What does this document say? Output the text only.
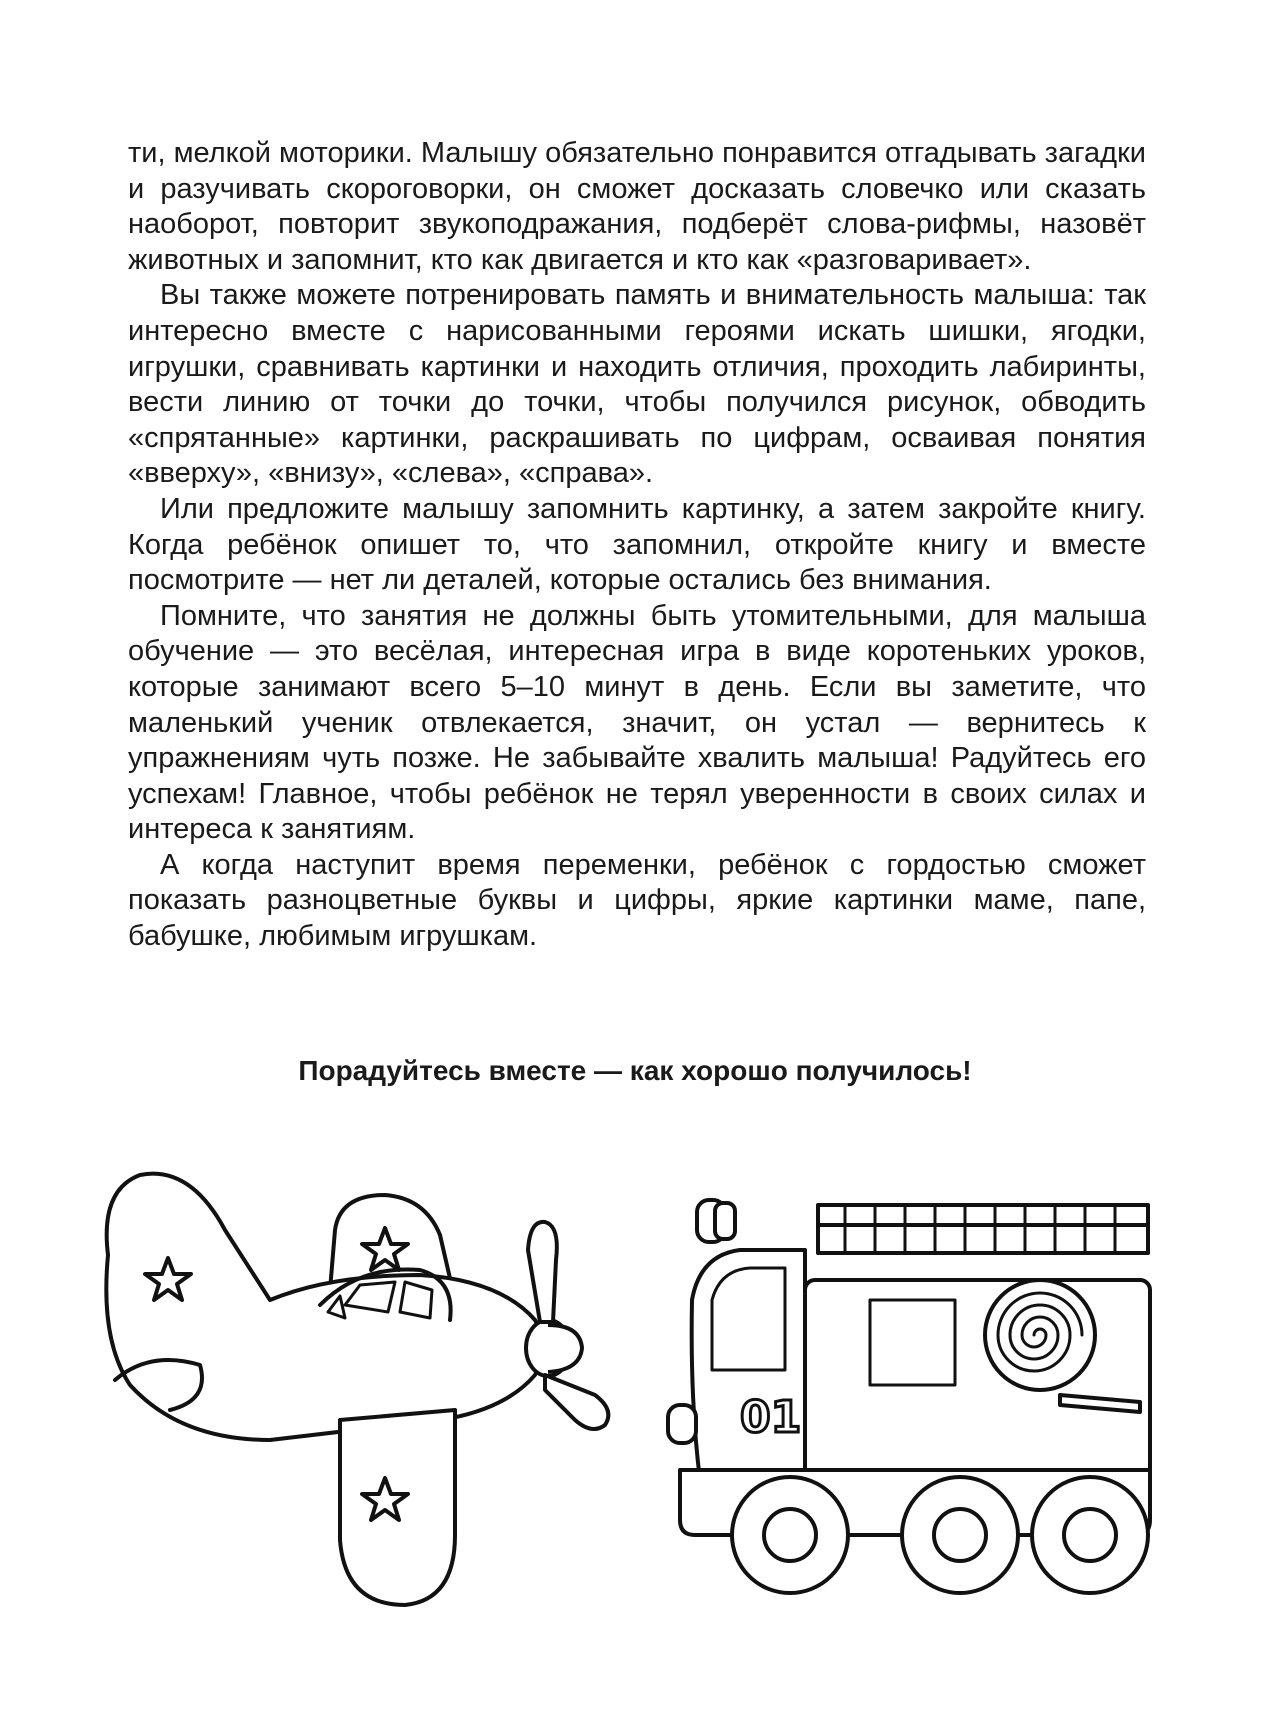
ти, мелкой моторики. Малышу обязательно понравится отгадывать загадки и разучивать скороговорки, он сможет досказать словечко или сказать наоборот, повторит звукоподражания, подберёт слова-рифмы, назовёт животных и запомнит, кто как двигается и кто как «разговаривает».

Вы также можете потренировать память и внимательность малыша: так интересно вместе с нарисованными героями искать шишки, ягодки, игрушки, сравнивать картинки и находить отличия, проходить лабиринты, вести линию от точки до точки, чтобы получился рисунок, обводить «спрятанные» картинки, раскрашивать по цифрам, осваивая понятия «вверху», «внизу», «слева», «справа».

Или предложите малышу запомнить картинку, а затем закройте книгу. Когда ребёнок опишет то, что запомнил, откройте книгу и вместе посмотрите — нет ли деталей, которые остались без внимания.

Помните, что занятия не должны быть утомительными, для малыша обучение — это весёлая, интересная игра в виде коротеньких уроков, которые занимают всего 5–10 минут в день. Если вы заметите, что маленький ученик отвлекается, значит, он устал — вернитесь к упражнениям чуть позже. Не забывайте хвалить малыша! Радуйтесь его успехам! Главное, чтобы ребёнок не терял уверенности в своих силах и интереса к занятиям.

А когда наступит время переменки, ребёнок с гордостью сможет показать разноцветные буквы и цифры, яркие картинки маме, папе, бабушке, любимым игрушкам.

Порадуйтесь вместе — как хорошо получилось!
01
